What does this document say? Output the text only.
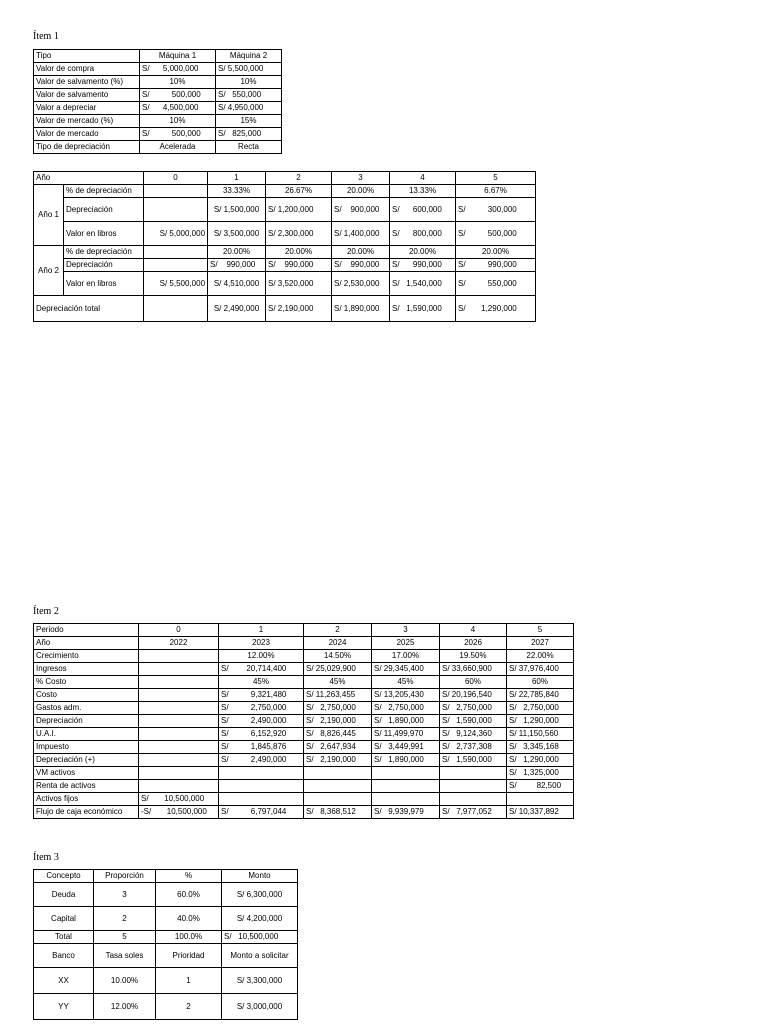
Ítem 1
Tipo	Máquina 1	Máquina 2
Valor de compra	S/      5,000,000	S/ 5,500,000
Valor de salvamento (%)	10%	10%
Valor de salvamento	S/          500,000	S/   550,000
Valor a depreciar	S/      4,500,000	S/ 4,950,000
Valor de mercado (%)	10%	15%
Valor de mercado	S/          500,000	S/   825,000
Tipo de depreciación	Acelerada	Recta
Año		0	1	2	3	4	5
Año 1	% de depreciación		33.33%	26.67%	20.00%	13.33%	6.67%
	Depreciación		S/ 1,500,000	S/ 1,200,000	S/    900,000	S/      600,000	S/          300,000
	Valor en libros	S/ 5,000,000	S/ 3,500,000	S/ 2,300,000	S/ 1,400,000	S/      800,000	S/          500,000
Año 2	% de depreciación		20.00%	20.00%	20.00%	20.00%	20.00%
	Depreciación		S/    990,000	S/    990,000	S/    990,000	S/      990,000	S/          990,000
	Valor en libros	S/ 5,500,000	S/ 4,510,000	S/ 3,520,000	S/ 2,530,000	S/   1,540,000	S/          550,000
Depreciación total			S/ 2,490,000	S/ 2,190,000	S/ 1,890,000	S/   1,590,000	S/       1,290,000
Ítem 2
Periodo	0	1	2	3	4	5
Año	2022	2023	2024	2025	2026	2027
Crecimiento		12.00%	14.50%	17.00%	19.50%	22.00%
Ingresos		S/        20,714,400	S/ 25,029,900	S/ 29,345,400	S/ 33,660,900	S/ 37,976,400
% Costo		45%	45%	45%	60%	60%
Costo		S/          9,321,480	S/ 11,263,455	S/ 13,205,430	S/ 20,196,540	S/ 22,785,840
Gastos adm.		S/          2,750,000	S/   2,750,000	S/   2,750,000	S/   2,750,000	S/   2,750,000
Depreciación		S/          2,490,000	S/   2,190,000	S/   1,890,000	S/   1,590,000	S/   1,290,000
U.A.I.		S/          6,152,920	S/   8,826,445	S/ 11,499,970	S/   9,124,360	S/ 11,150,560
Impuesto		S/          1,845,876	S/   2,647,934	S/   3,449,991	S/   2,737,308	S/   3,345,168
Depreciación (+)		S/          2,490,000	S/   2,190,000	S/   1,890,000	S/   1,590,000	S/   1,290,000
VM activos						S/   1,325,000
Renta de activos						S/         82,500
Activos fijos	S/       10,500,000					
Flujo de caja económico	-S/       10,500,000	S/          6,797,044	S/   8,368,512	S/   9,939,979	S/   7,977,052	S/ 10,337,892
Ítem 3
Concepto	Proporción	%	Monto
Deuda	3	60.0%	S/ 6,300,000
Capital	2	40.0%	S/ 4,200,000
Total	5	100.0%	S/   10,500,000
Banco	Tasa soles	Prioridad	Monto a solicitar
XX	10.00%	1	S/ 3,300,000
YY	12.00%	2	S/ 3,000,000
